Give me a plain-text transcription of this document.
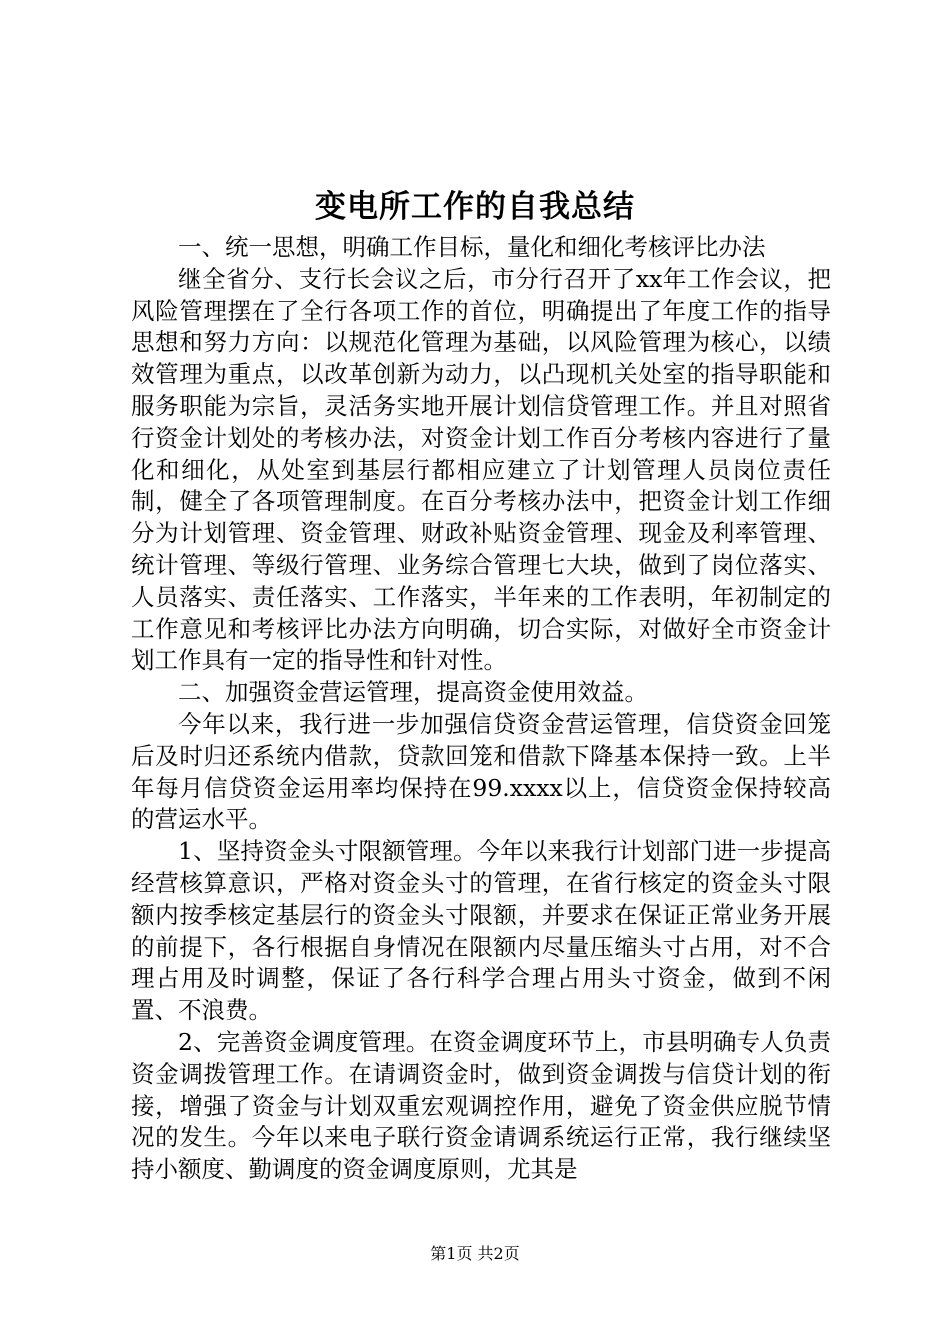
变电所工作的自我总结

一、统一思想，明确工作目标，量化和细化考核评比办法

继全省分、支行长会议之后，市分行召开了xx年工作会议，把风险管理摆在了全行各项工作的首位，明确提出了年度工作的指导思想和努力方向：以规范化管理为基础，以风险管理为核心，以绩效管理为重点，以改革创新为动力，以凸现机关处室的指导职能和服务职能为宗旨，灵活务实地开展计划信贷管理工作。并且对照省行资金计划处的考核办法，对资金计划工作百分考核内容进行了量化和细化，从处室到基层行都相应建立了计划管理人员岗位责任制，健全了各项管理制度。在百分考核办法中，把资金计划工作细分为计划管理、资金管理、财政补贴资金管理、现金及利率管理、统计管理、等级行管理、业务综合管理七大块，做到了岗位落实、人员落实、责任落实、工作落实，半年来的工作表明，年初制定的工作意见和考核评比办法方向明确，切合实际，对做好全市资金计划工作具有一定的指导性和针对性。

二、加强资金营运管理，提高资金使用效益。

今年以来，我行进一步加强信贷资金营运管理，信贷资金回笼后及时归还系统内借款，贷款回笼和借款下降基本保持一致。上半年每月信贷资金运用率均保持在99.xxxx以上，信贷资金保持较高的营运水平。

1、坚持资金头寸限额管理。今年以来我行计划部门进一步提高经营核算意识，严格对资金头寸的管理，在省行核定的资金头寸限额内按季核定基层行的资金头寸限额，并要求在保证正常业务开展的前提下，各行根据自身情况在限额内尽量压缩头寸占用，对不合理占用及时调整，保证了各行科学合理占用头寸资金，做到不闲置、不浪费。

2、完善资金调度管理。在资金调度环节上，市县明确专人负责资金调拨管理工作。在请调资金时，做到资金调拨与信贷计划的衔接，增强了资金与计划双重宏观调控作用，避免了资金供应脱节情况的发生。今年以来电子联行资金请调系统运行正常，我行继续坚持小额度、勤调度的资金调度原则，尤其是

第1页 共2页
